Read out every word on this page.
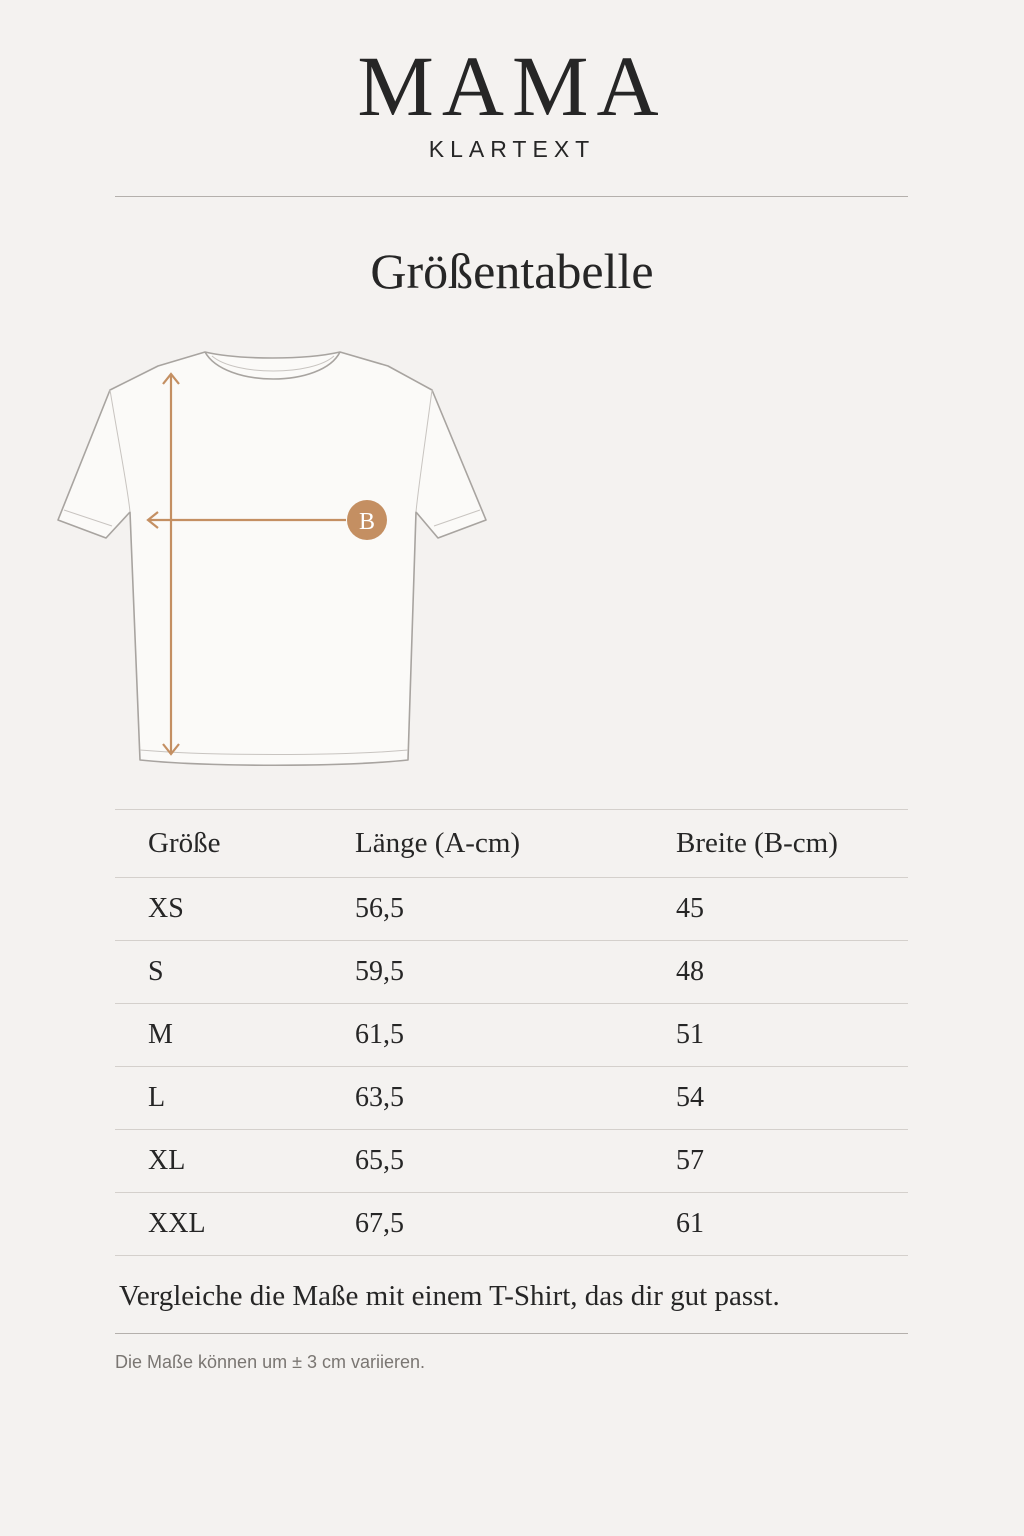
MAMA
KLARTEXT
Größentabelle
B
Größe	Länge (A-cm)	Breite (B-cm)
XS	56,5	45
S	59,5	48
M	61,5	51
L	63,5	54
XL	65,5	57
XXL	67,5	61
Vergleiche die Maße mit einem T-Shirt, das dir gut passt.
Die Maße können um ± 3 cm variieren.
